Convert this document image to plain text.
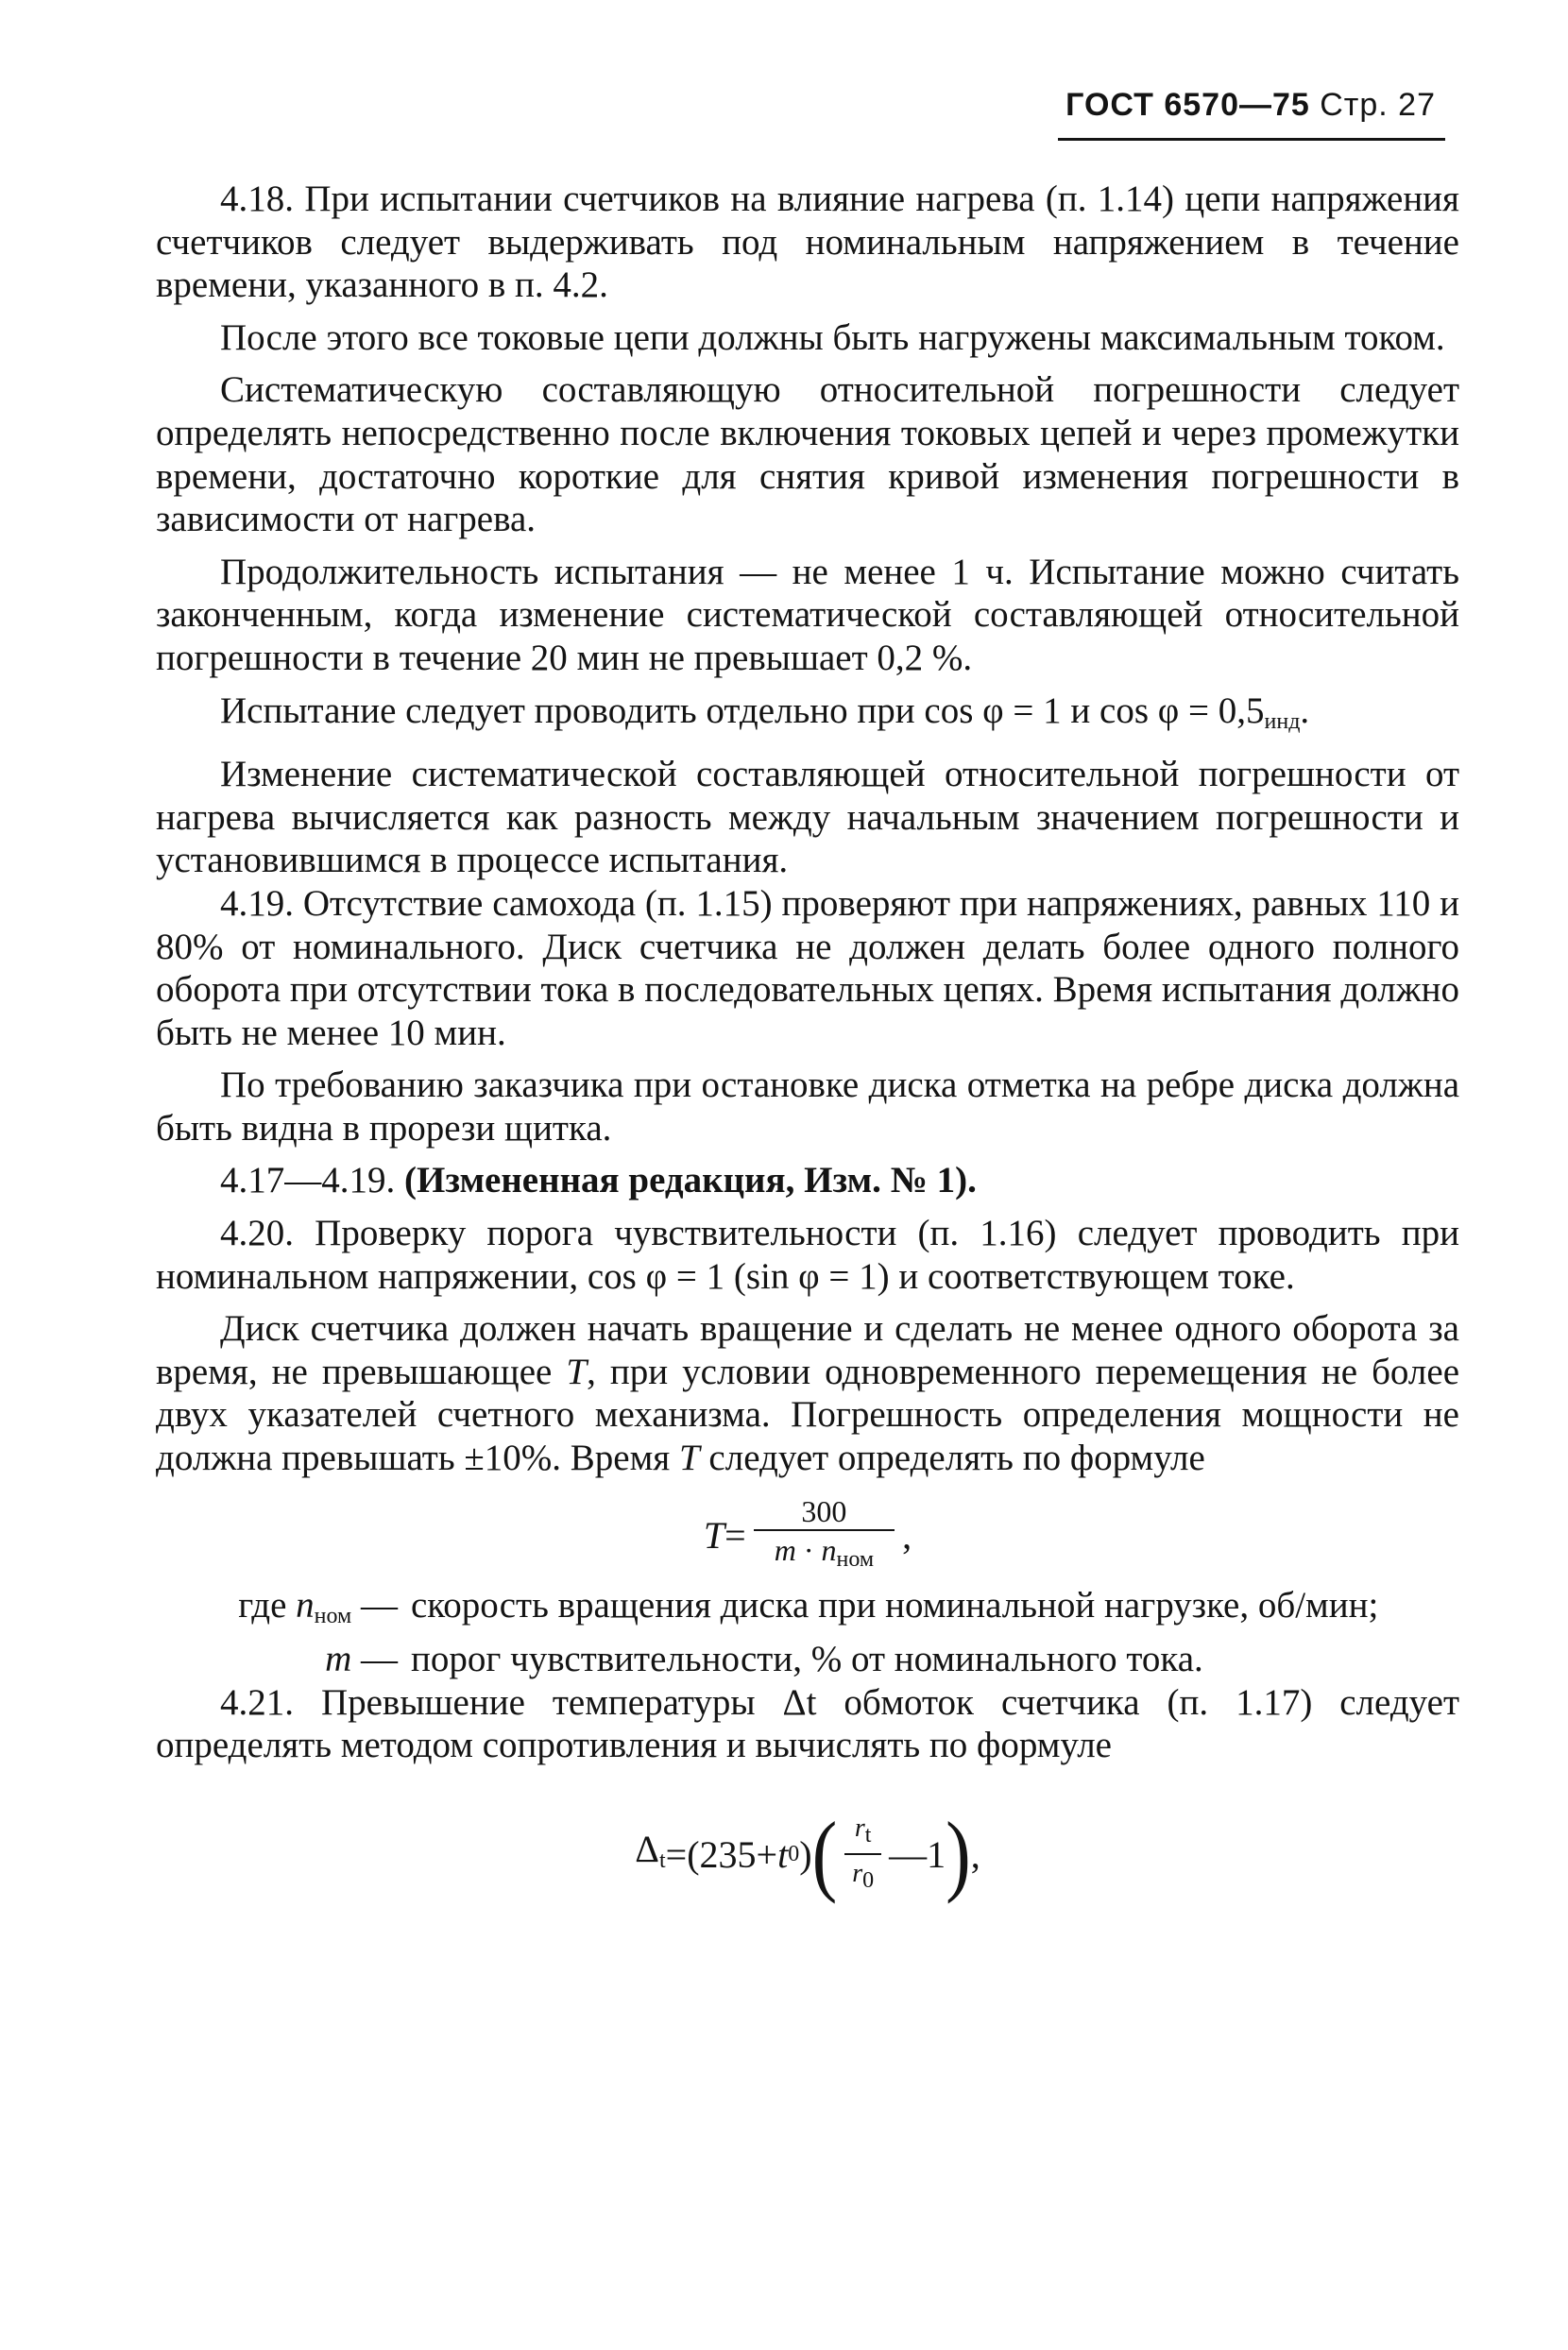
ГОСТ 6570—75 Стр. 27

4.18. При испытании счетчиков на влияние нагрева (п. 1.14) цепи напряжения счетчиков следует выдерживать под номинальным напряжением в течение времени, указанного в п. 4.2.

После этого все токовые цепи должны быть нагружены максимальным током.

Систематическую составляющую относительной погрешности следует определять непосредственно после включения токовых цепей и через промежутки времени, достаточно короткие для снятия кривой изменения погрешности в зависимости от нагрева.

Продолжительность испытания — не менее 1 ч. Испытание можно считать законченным, когда изменение систематической составляющей относительной погрешности в течение 20 мин не превышает 0,2 %.

Испытание следует проводить отдельно при cos φ = 1 и $\cos \varphi = 0,5_{инд}$.

Изменение систематической составляющей относительной погрешности от нагрева вычисляется как разность между начальным значением погрешности и установившимся в процессе испытания.

4.19. Отсутствие самохода (п. 1.15) проверяют при напряжениях, равных 110 и 80% от номинального. Диск счетчика не должен делать более одного полного оборота при отсутствии тока в последовательных цепях. Время испытания должно быть не менее 10 мин.

По требованию заказчика при остановке диска отметка на ребре диска должна быть видна в прорези щитка.

4.17—4.19. (Измененная редакция, Изм. № 1).

4.20. Проверку порога чувствительности (п. 1.16) следует проводить при номинальном напряжении, cos φ = 1 (sin φ = 1) и соответствующем токе.

Диск счетчика должен начать вращение и сделать не менее одного оборота за время, не превышающее T, при условии одновременного перемещения не более двух указателей счетного механизма. Погрешность определения мощности не должна превышать ±10%. Время T следует определять по формуле

$T = \frac{300}{m \cdot n_{ном}}$ ,
где $n_{ном}$ — скорость вращения диска при номинальной нагрузке, об/мин;
m — порог чувствительности, % от номинального тока.

4.21. Превышение температуры Δt обмоток счетчика (п. 1.17) следует определять методом сопротивления и вычислять по формуле

$\Delta_t = (235+ t$ 0 ) ( $\frac{rt}{r0}$ —1 ) ,
